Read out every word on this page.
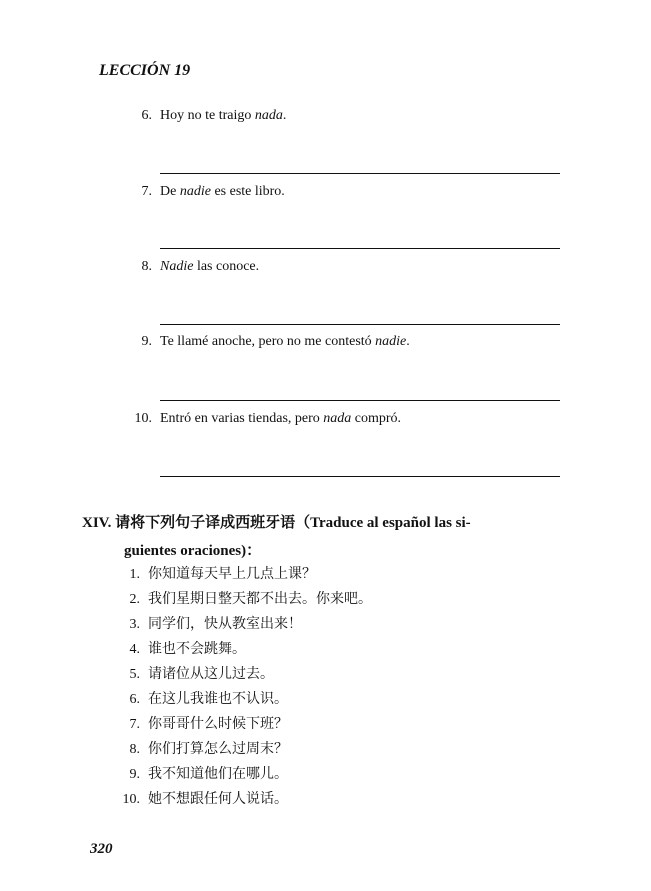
LECCIÓN 19
6. Hoy no te traigo nada.
7. De nadie es este libro.
8. Nadie las conoce.
9. Te llamé anoche, pero no me contestó nadie.
10. Entró en varias tiendas, pero nada compró.
XIV. 请将下列句子译成西班牙语（Traduce al español las si-
guientes oraciones)：
1. 你知道每天早上几点上课？
2. 我们星期日整天都不出去。你来吧。
3. 同学们，快从教室出来！
4. 谁也不会跳舞。
5. 请诸位从这儿过去。
6. 在这儿我谁也不认识。
7. 你哥哥什么时候下班？
8. 你们打算怎么过周末？
9. 我不知道他们在哪儿。
10. 她不想跟任何人说话。
320
